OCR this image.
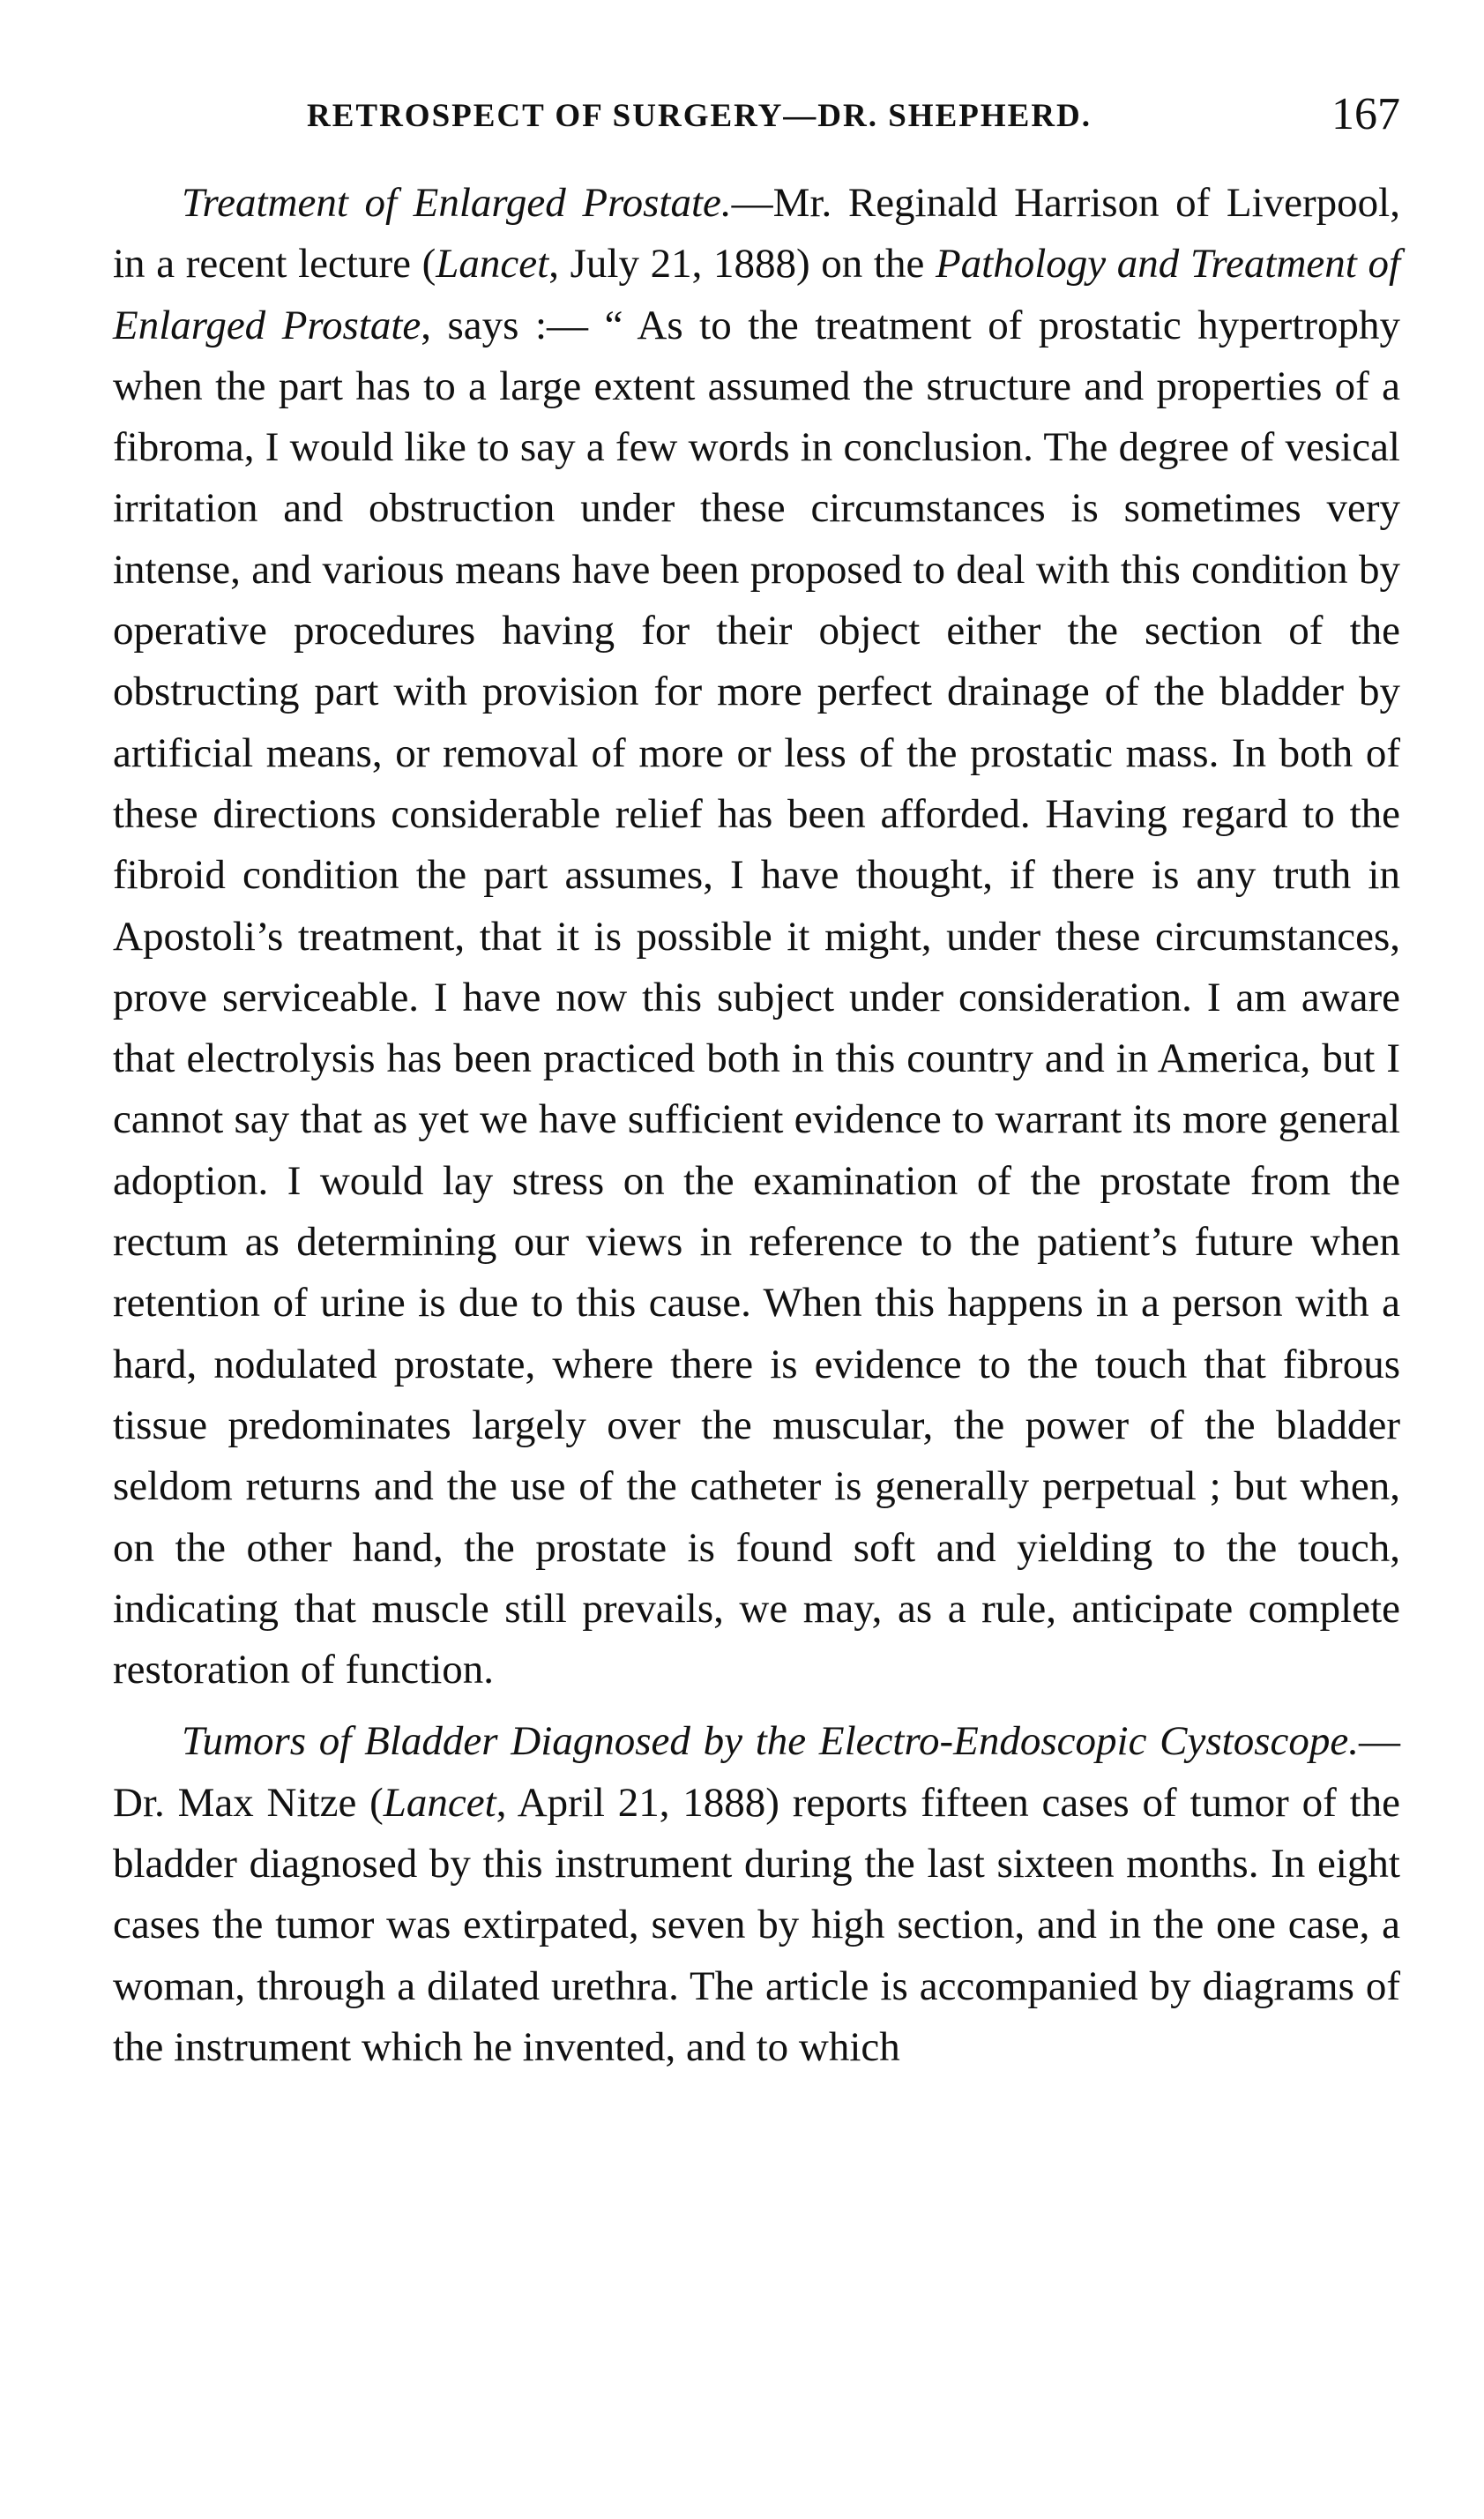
RETROSPECT OF SURGERY—DR. SHEPHERD.	167

Treatment of Enlarged Prostate.—Mr. Reginald Harrison of Liverpool, in a recent lecture (Lancet, July 21, 1888) on the Pathology and Treatment of Enlarged Prostate, says :— “ As to the treatment of prostatic hypertrophy when the part has to a large extent assumed the structure and properties of a fibroma, I would like to say a few words in conclusion. The degree of vesical irritation and obstruction under these circumstances is sometimes very intense, and various means have been proposed to deal with this condition by operative procedures having for their object either the section of the obstructing part with provision for more perfect drainage of the bladder by artificial means, or removal of more or less of the prostatic mass. In both of these directions considerable relief has been afforded. Having regard to the fibroid condition the part assumes, I have thought, if there is any truth in Apostoli’s treatment, that it is possible it might, under these circumstances, prove serviceable. I have now this subject under consideration. I am aware that electrolysis has been practiced both in this country and in America, but I cannot say that as yet we have sufficient evidence to warrant its more general adoption. I would lay stress on the examination of the prostate from the rectum as determining our views in reference to the patient’s future when retention of urine is due to this cause. When this happens in a person with a hard, nodulated prostate, where there is evidence to the touch that fibrous tissue predominates largely over the muscular, the power of the bladder seldom returns and the use of the catheter is generally perpetual ; but when, on the other hand, the prostate is found soft and yielding to the touch, indicating that muscle still prevails, we may, as a rule, anticipate complete restoration of function.

Tumors of Bladder Diagnosed by the Electro-Endoscopic Cystoscope.—Dr. Max Nitze (Lancet, April 21, 1888) reports fifteen cases of tumor of the bladder diagnosed by this instrument during the last sixteen months. In eight cases the tumor was extirpated, seven by high section, and in the one case, a woman, through a dilated urethra. The article is accompanied by diagrams of the instrument which he invented, and to which
